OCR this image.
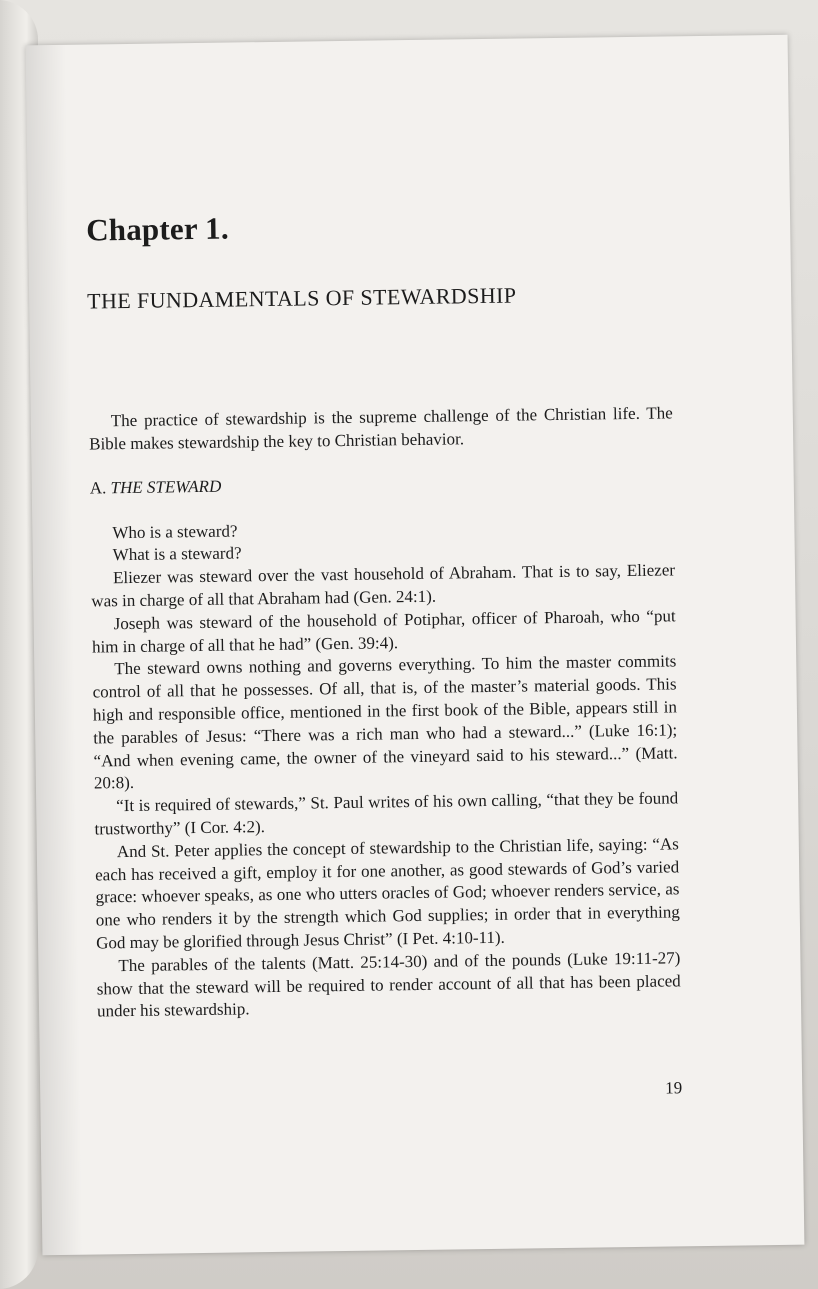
Chapter 1.
THE FUNDAMENTALS OF STEWARDSHIP

The practice of stewardship is the supreme challenge of the Christian life. The Bible makes stewardship the key to Christian behavior.

A. THE STEWARD

Who is a steward?

What is a steward?

Eliezer was steward over the vast household of Abraham. That is to say, Eliezer was in charge of all that Abraham had (Gen. 24:1).

Joseph was steward of the household of Potiphar, officer of Pharoah, who “put him in charge of all that he had” (Gen. 39:4).

The steward owns nothing and governs everything. To him the master commits control of all that he possesses. Of all, that is, of the master’s material goods. This high and responsible office, mentioned in the first book of the Bible, appears still in the parables of Jesus: “There was a rich man who had a steward...” (Luke 16:1); “And when evening came, the owner of the vineyard said to his steward...” (Matt. 20:8).

“It is required of stewards,” St. Paul writes of his own calling, “that they be found trustworthy” (I Cor. 4:2).

And St. Peter applies the concept of stewardship to the Christian life, saying: “As each has received a gift, employ it for one another, as good stewards of God’s varied grace: whoever speaks, as one who utters oracles of God; whoever renders service, as one who renders it by the strength which God supplies; in order that in everything God may be glorified through Jesus Christ” (I Pet. 4:10-11).

The parables of the talents (Matt. 25:14-30) and of the pounds (Luke 19:11-27) show that the steward will be required to render account of all that has been placed under his stewardship.

19
